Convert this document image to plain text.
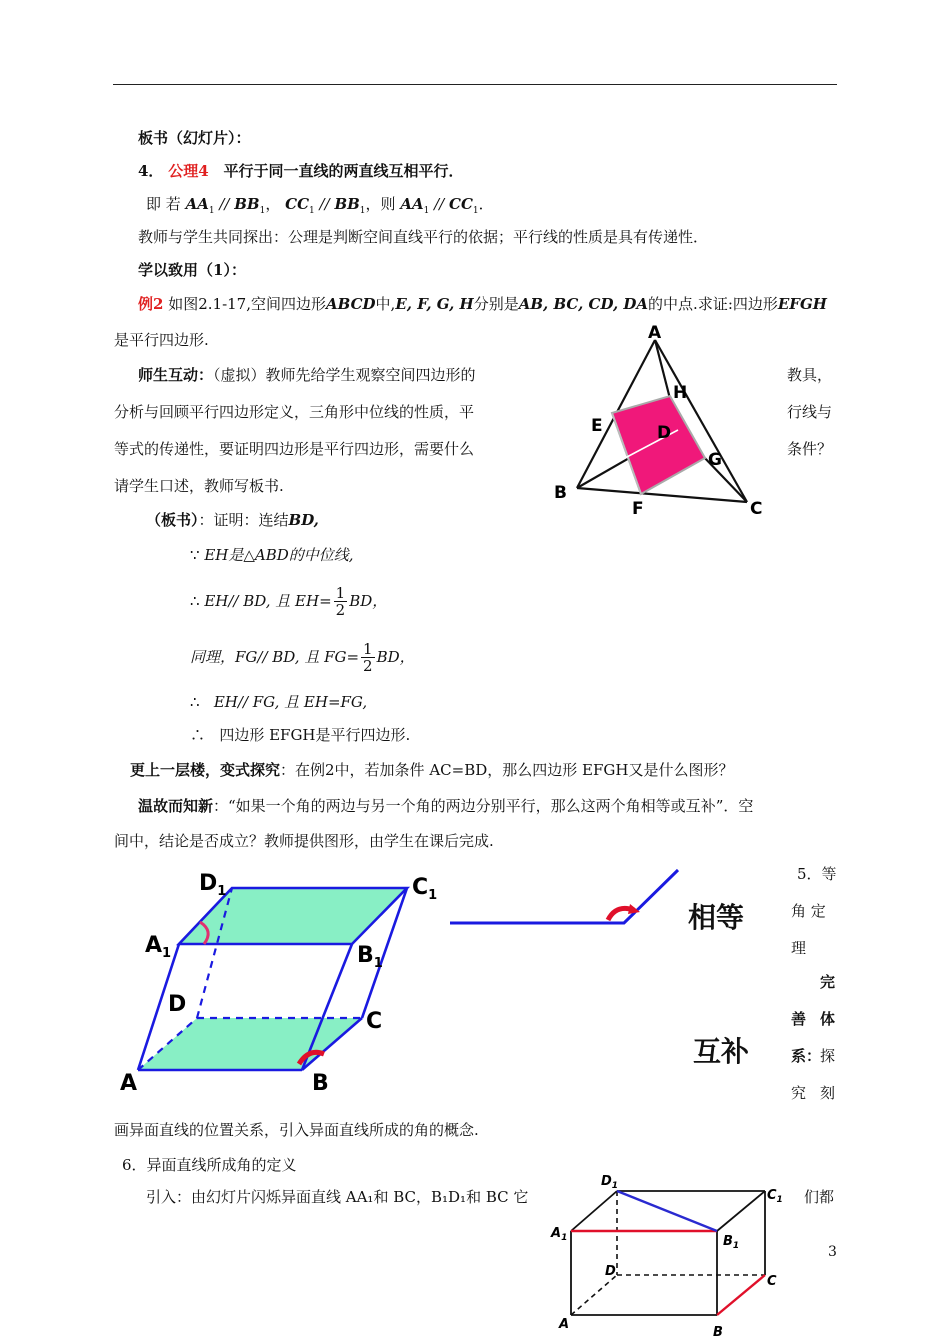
板书（幻灯片）：
4． 公理4 平行于同一直线的两直线互相平行．
即 若 $AA_1 // BB_1$， $CC_1 // BB_1$，则 $AA_1 // CC_1$．
教师与学生共同探出：公理是判断空间直线平行的依据；平行线的性质是具有传递性．
学以致用（1）：
例2 如图2.1-17,空间四边形ABCD中,E, F, G, H分别是AB, BC, CD, DA的中点.求证:四边形EFGH
是平行四边形.
师生互动：（虚拟）教师先给学生观察空间四边形的	教具，
分析与回顾平行四边形定义，三角形中位线的性质，平	行线与
等式的传递性，要证明四边形是平行四边形，需要什么	条件？
请学生口述，教师写板书.
A
H
E	D
G
B
F	C
（板书）：证明：连结BD,
∵ EH是△ABD的中位线,
∴
EH// BD, 且 $EH= \frac{1}{2}$ BD，
同理，FG// BD, 且 $FG= \frac{1}{2}$ BD，
∴ EH// FG, 且 EH=FG,
∴ 四边形 EFGH是平行四边形.
更上一层楼，变式探究：在例2中，若加条件 AC=BD，那么四边形 EFGH又是什么图形？
温故而知新：“如果一个角的两边与另一个角的两边分别平行，那么这两个角相等或互补”．空
间中，结论是否成立？教师提供图形，由学生在课后完成.
$D_1$	$C_1$
$A_1$	$B_1$
D
C
A	B
相等
互补
5．等
角 定
理
完
善 体
系：
探
究 刻
画异面直线的位置关系，引入异面直线所成的角的概念.
6．异面直线所成角的定义
引入：由幻灯片闪烁异面直线 AA₁和 BC，B₁D₁和 BC 它	们都
$D_1$
$C_1$
$A_1$	$B_1$
D
C
A
B
3
